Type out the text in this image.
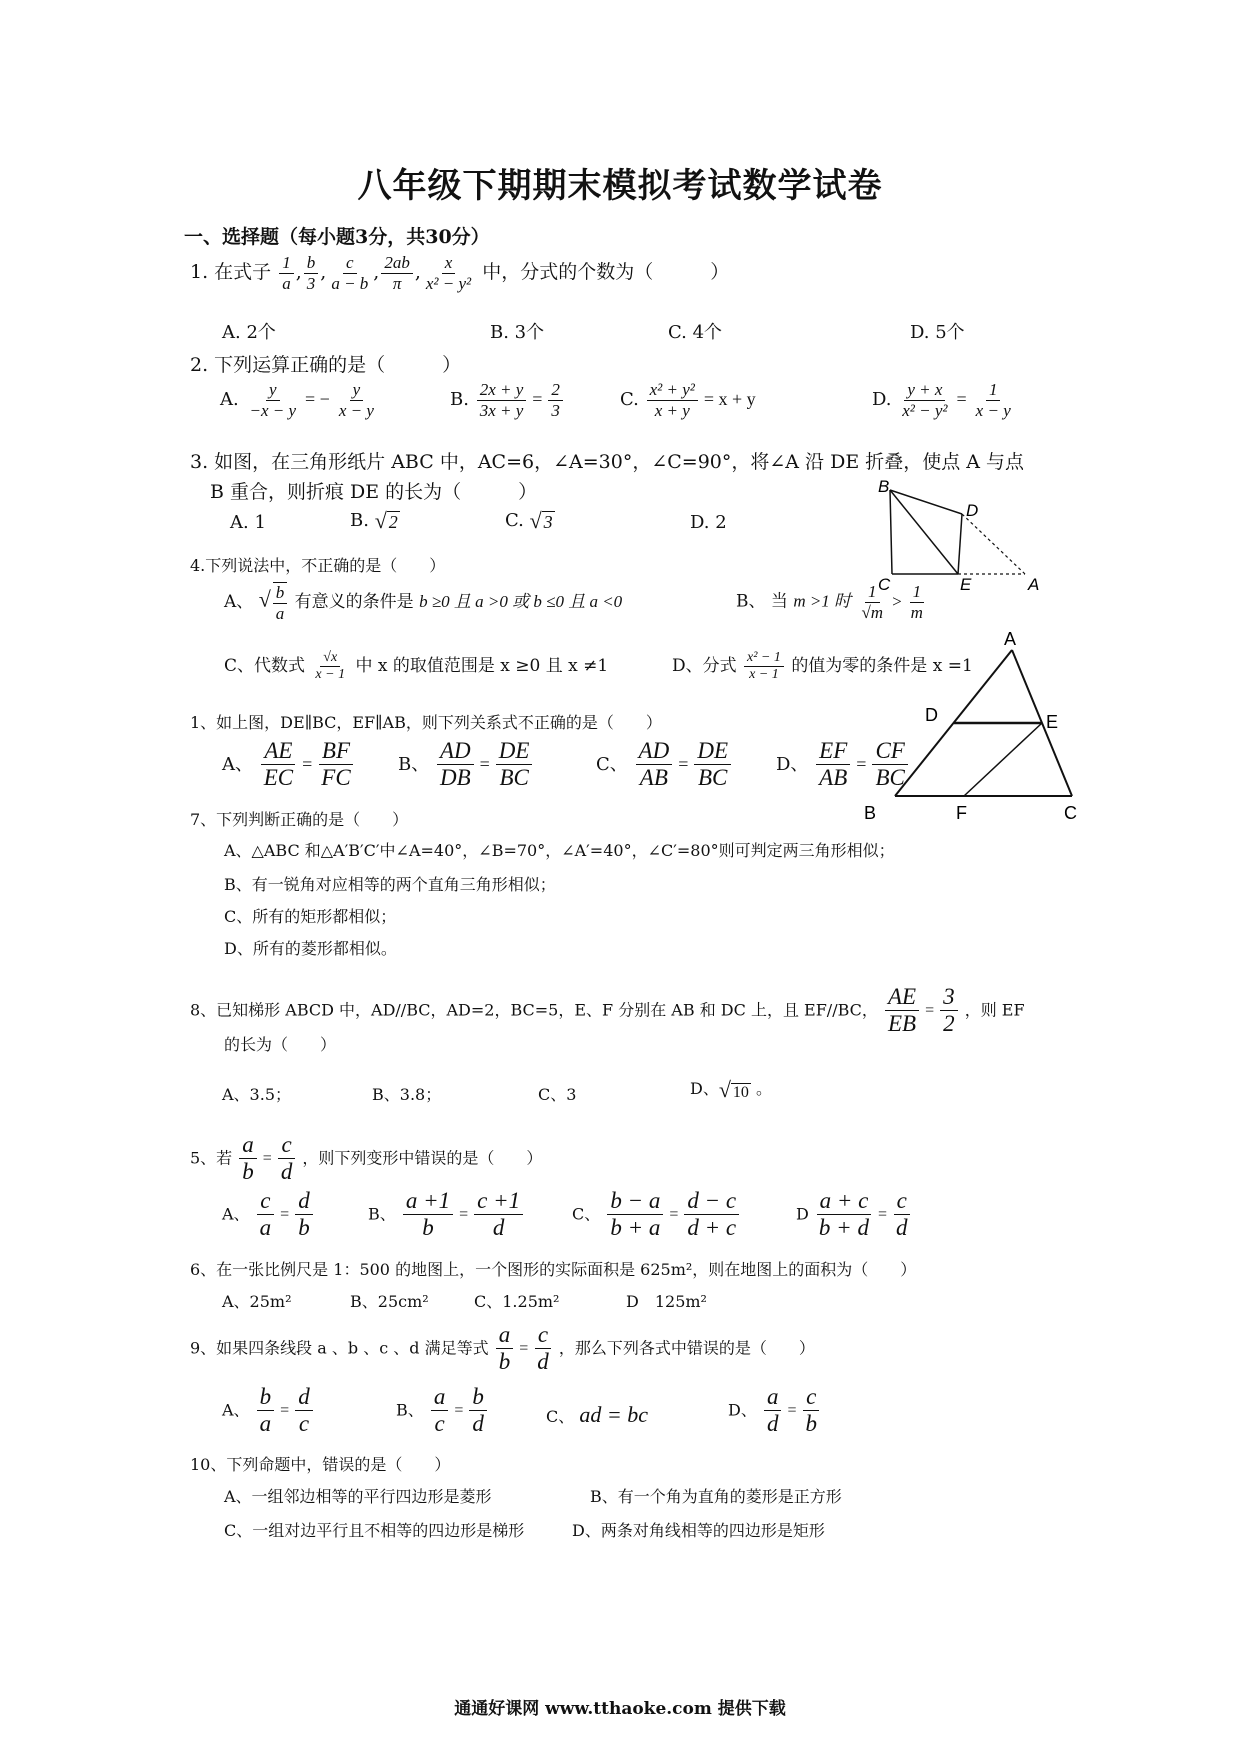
八年级下期期末模拟考试数学试卷
一、选择题（每小题3分，共30分）
1. 在式子 $\frac{1}{a}$ , $\frac{b}{3}$ , $\frac{c}{a - b}$ , $\frac{2ab}{\pi}$ , $\frac{x}{\text{x² − y²}}$ 中，分式的个数为（　　　）
A. 2个	B. 3个	C. 4个	D. 5个
2. 下列运算正确的是（　　　）
A. $\frac{y}{-x - y}$ = − $\frac{y}{x - y}$	B. $\frac{2x + y}{3x + y} = \frac{2}{3}$	C. $\frac{\text{x² + y²}}{x + y} = x + y$	D. $\frac{y + x}{\text{x² − y²}} = \frac{1}{x - y}$
3. 如图，在三角形纸片 ABC 中，AC=6，∠A=30°，∠C=90°，将∠A 沿 DE 折叠，使点 A 与点
B 重合，则折痕 DE 的长为（　　　）
A. 1	B. √ 2	C. √ 3	D. 2
B
D
C	E	A
4.下列说法中，不正确的是（　　）
A、 √ $\frac{b}{a}$ 有意义的条件是 b ≥0 且 a >0 或 b ≤0 且 a <0	B、 当 m >1 时 $\frac{1}{√m} > \frac{1}{m}$
C、代数式 $\frac{√x}{x - 1}$ 中 x 的取值范围是 x ≥0 且 x ≠1	D、分式 $\frac{\text{x² − 1}}{x - 1}$ 的值为零的条件是 x =1
1、如上图，DE∥BC，EF∥AB，则下列关系式不正确的是（　　）
A、 $\frac{AE}{EC} = \frac{BF}{FC}$ B、 $\frac{AD}{DB} = \frac{DE}{BC}$	C、 $\frac{AD}{AB} = \frac{DE}{BC}$ D、 $\frac{EF}{AB} = \frac{CF}{BC}$
A
D	E
B	F	C
7、下列判断正确的是（　　）
A、△ABC 和△A′B′C′中∠A=40°，∠B=70°，∠A′=40°，∠C′=80°则可判定两三角形相似；
B、有一锐角对应相等的两个直角三角形相似；
C、所有的矩形都相似；
D、所有的菱形都相似。
8、已知梯形 ABCD 中，AD//BC，AD=2，BC=5，E、F 分别在 AB 和 DC 上，且 EF//BC， $\frac{AE}{EB} = \frac{3}{2}$ ，则 EF
的长为（　　）
A、3.5；	B、3.8；	C、3	D、√ 10 。
5、若 $\frac{a}{b} = \frac{c}{d}$ ，则下列变形中错误的是（　　）
A、 $\frac{c}{a} = \frac{d}{b}$	B、 $\frac{a +1}{b} = \frac{c +1}{d}$	C、 $\frac{b - a}{b + a} = \frac{d - c}{d + c}$	D $\frac{a + c}{b + d} = \frac{c}{d}$
6、在一张比例尺是 1：500 的地图上，一个图形的实际面积是 625m²，则在地图上的面积为（　　）
A、25m²	B、25cm²	C、1.25m²	D　125m²
9、如果四条线段 a 、b 、c 、d 满足等式 $\frac{a}{b} = \frac{c}{d}$ ，那么下列各式中错误的是（　　）
A、 $\frac{b}{a} = \frac{d}{c}$	B、 $\frac{a}{c} = \frac{b}{d}$	C、 ad = bc	D、 $\frac{a}{d} = \frac{c}{b}$
10、下列命题中，错误的是（　　）
A、一组邻边相等的平行四边形是菱形	B、有一个角为直角的菱形是正方形
C、一组对边平行且不相等的四边形是梯形	D、两条对角线相等的四边形是矩形
通通好课网 www.tthaoke.com 提供下载
